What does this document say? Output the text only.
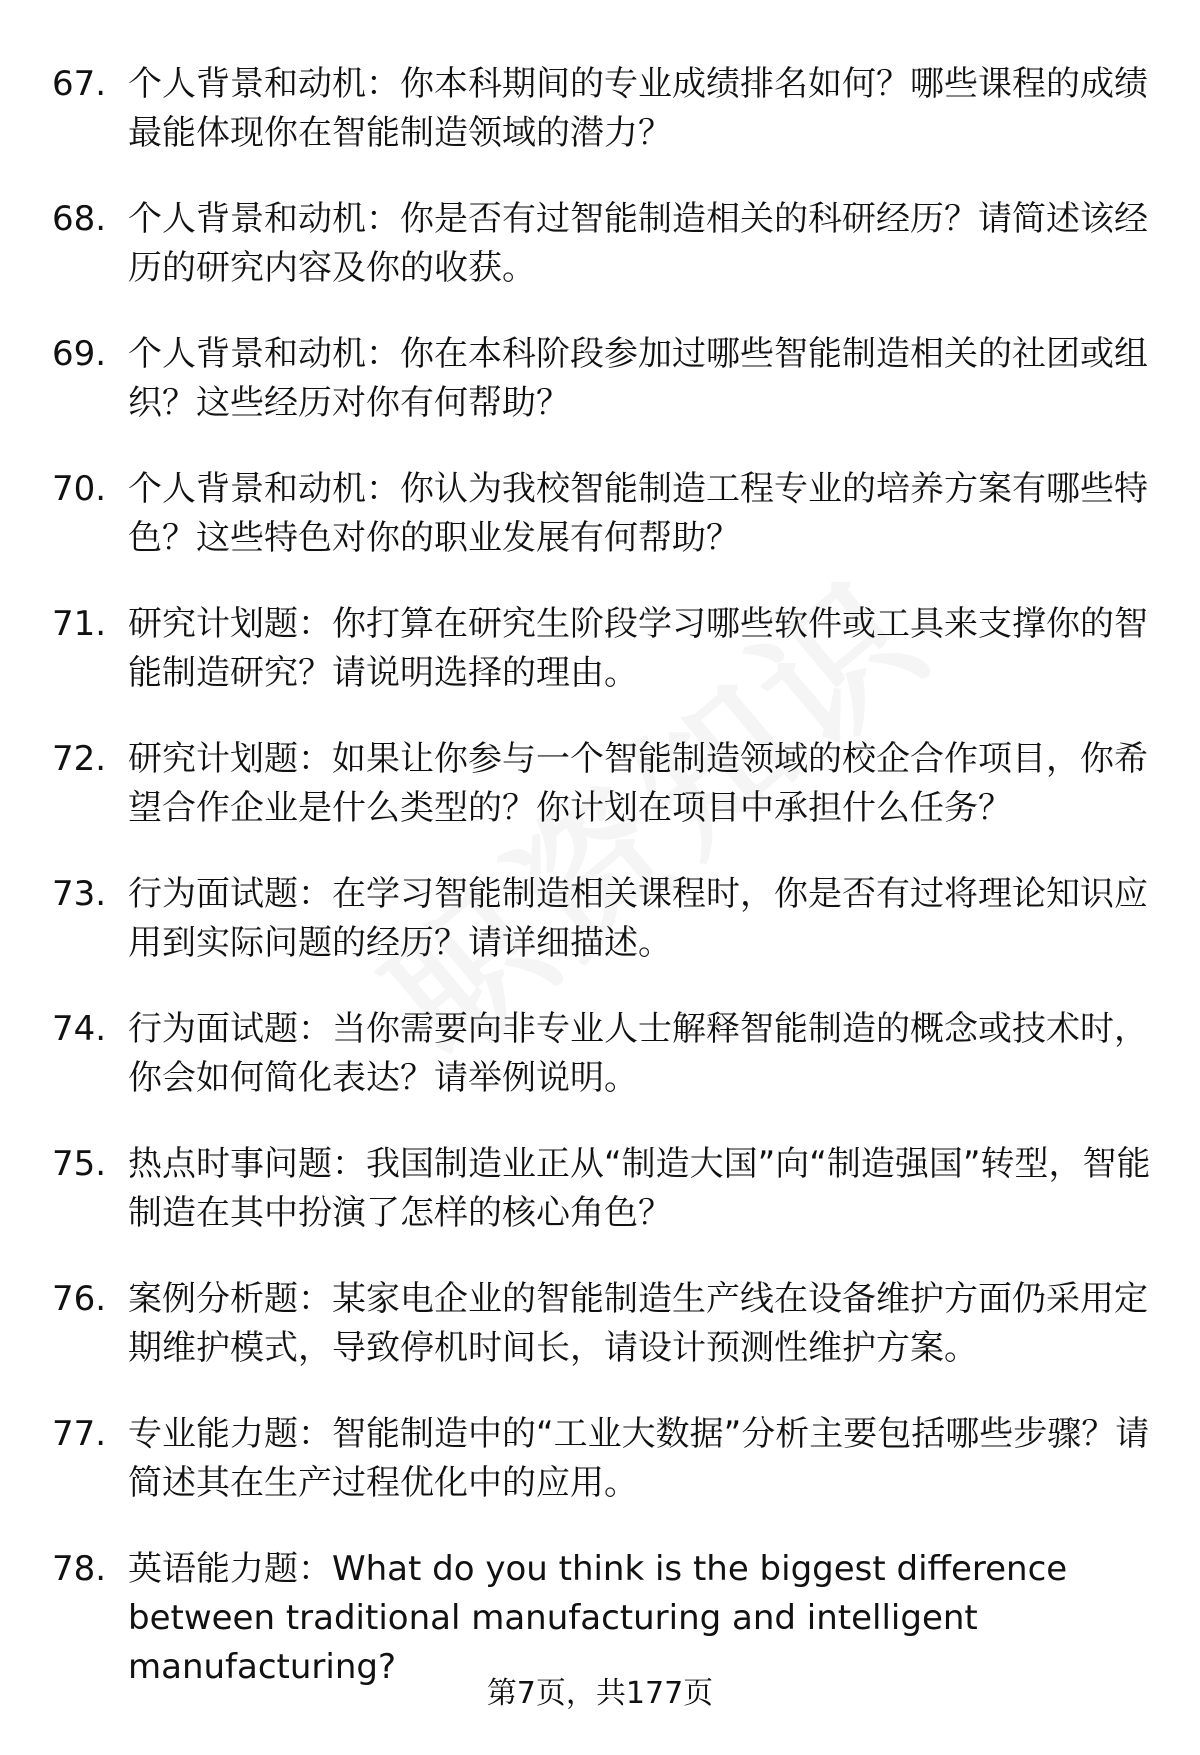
67. 个人背景和动机：你本科期间的专业成绩排名如何？哪些课程的成绩最能体现你在智能制造领域的潜力？
68. 个人背景和动机：你是否有过智能制造相关的科研经历？请简述该经历的研究内容及你的收获。
69. 个人背景和动机：你在本科阶段参加过哪些智能制造相关的社团或组织？这些经历对你有何帮助？
70. 个人背景和动机：你认为我校智能制造工程专业的培养方案有哪些特色？这些特色对你的职业发展有何帮助？
71. 研究计划题：你打算在研究生阶段学习哪些软件或工具来支撑你的智能制造研究？请说明选择的理由。
72. 研究计划题：如果让你参与一个智能制造领域的校企合作项目，你希望合作企业是什么类型的？你计划在项目中承担什么任务？
73. 行为面试题：在学习智能制造相关课程时，你是否有过将理论知识应用到实际问题的经历？请详细描述。
74. 行为面试题：当你需要向非专业人士解释智能制造的概念或技术时，你会如何简化表达？请举例说明。
75. 热点时事问题：我国制造业正从“制造大国”向“制造强国”转型，智能制造在其中扮演了怎样的核心角色？
76. 案例分析题：某家电企业的智能制造生产线在设备维护方面仍采用定期维护模式，导致停机时间长，请设计预测性维护方案。
77. 专业能力题：智能制造中的“工业大数据”分析主要包括哪些步骤？请简述其在生产过程优化中的应用。
78. 英语能力题：What do you think is the biggest difference between traditional manufacturing and intelligent manufacturing?
第7页，共177页
